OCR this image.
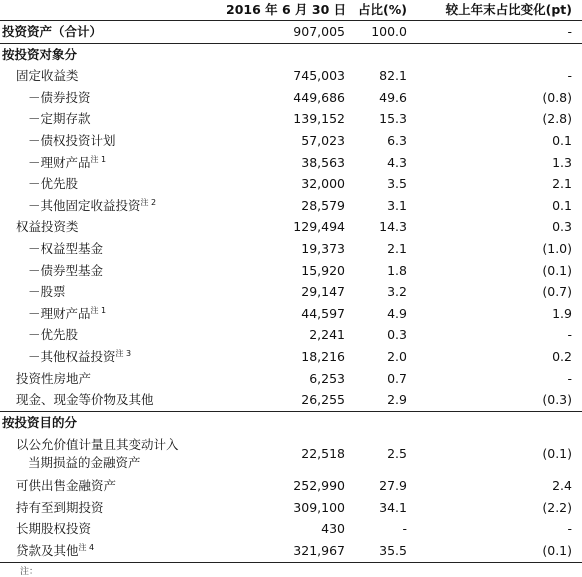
	2016 年 6 月 30 日	占比(%)	较上年末占比变化(pt)
投资资产（合计）	907,005	100.0	-
按投资对象分			
固定收益类	745,003	82.1	-
－债券投资	449,686	49.6	(0.8)
－定期存款	139,152	15.3	(2.8)
－债权投资计划	57,023	6.3	0.1
－理财产品$^{注 1}$	38,563	4.3	1.3
－优先股	32,000	3.5	2.1
－其他固定收益投资$^{注 2}$	28,579	3.1	0.1
权益投资类	129,494	14.3	0.3
－权益型基金	19,373	2.1	(1.0)
－债券型基金	15,920	1.8	(0.1)
－股票	29,147	3.2	(0.7)
－理财产品$^{注 1}$	44,597	4.9	1.9
－优先股	2,241	0.3	-
－其他权益投资$^{注 3}$	18,216	2.0	0.2
投资性房地产	6,253	0.7	-
现金、现金等价物及其他	26,255	2.9	(0.3)
按投资目的分			

以公允价值计量且其变动计入
当期损益的金融资产	22,518	2.5	(0.1)
可供出售金融资产	252,990	27.9	2.4
持有至到期投资	309,100	34.1	(2.2)
长期股权投资	430	-	-
贷款及其他$^{注 4}$	321,967	35.5	(0.1)
注：
